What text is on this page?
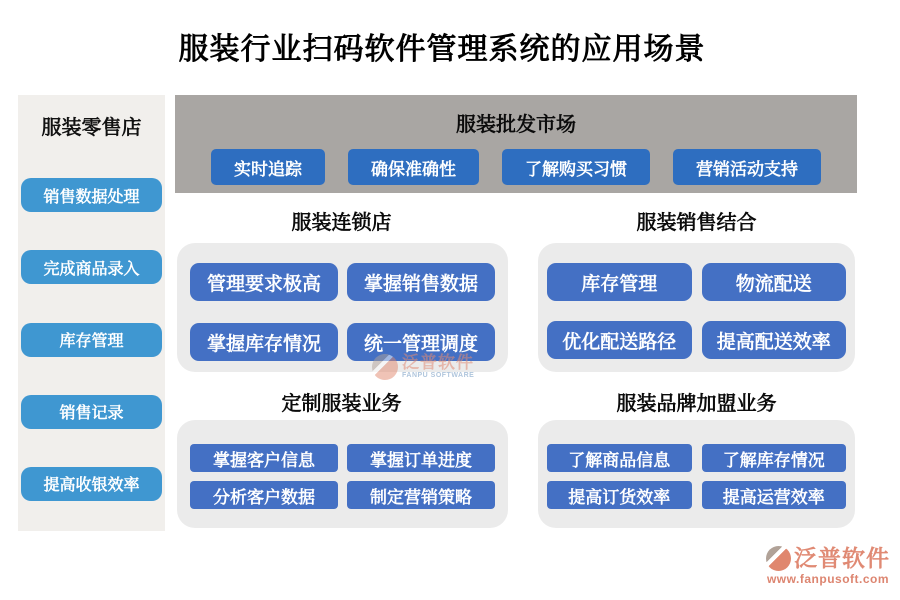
服装行业扫码软件管理系统的应用场景
服装零售店
销售数据处理
完成商品录入
库存管理
销售记录
提高收银效率
服装批发市场
实时追踪	确保准确性	了解购买习惯	营销活动支持
服装连锁店	服装销售结合
定制服装业务	服装品牌加盟业务
管理要求极高	掌握销售数据
掌握库存情况	统一管理调度
库存管理	物流配送
优化配送路径	提高配送效率
掌握客户信息	掌握订单进度
分析客户数据	制定营销策略
了解商品信息	了解库存情况
提高订货效率	提高运营效率
泛普软件
FANPU SOFTWARE
泛普软件
www.fanpusoft.com
